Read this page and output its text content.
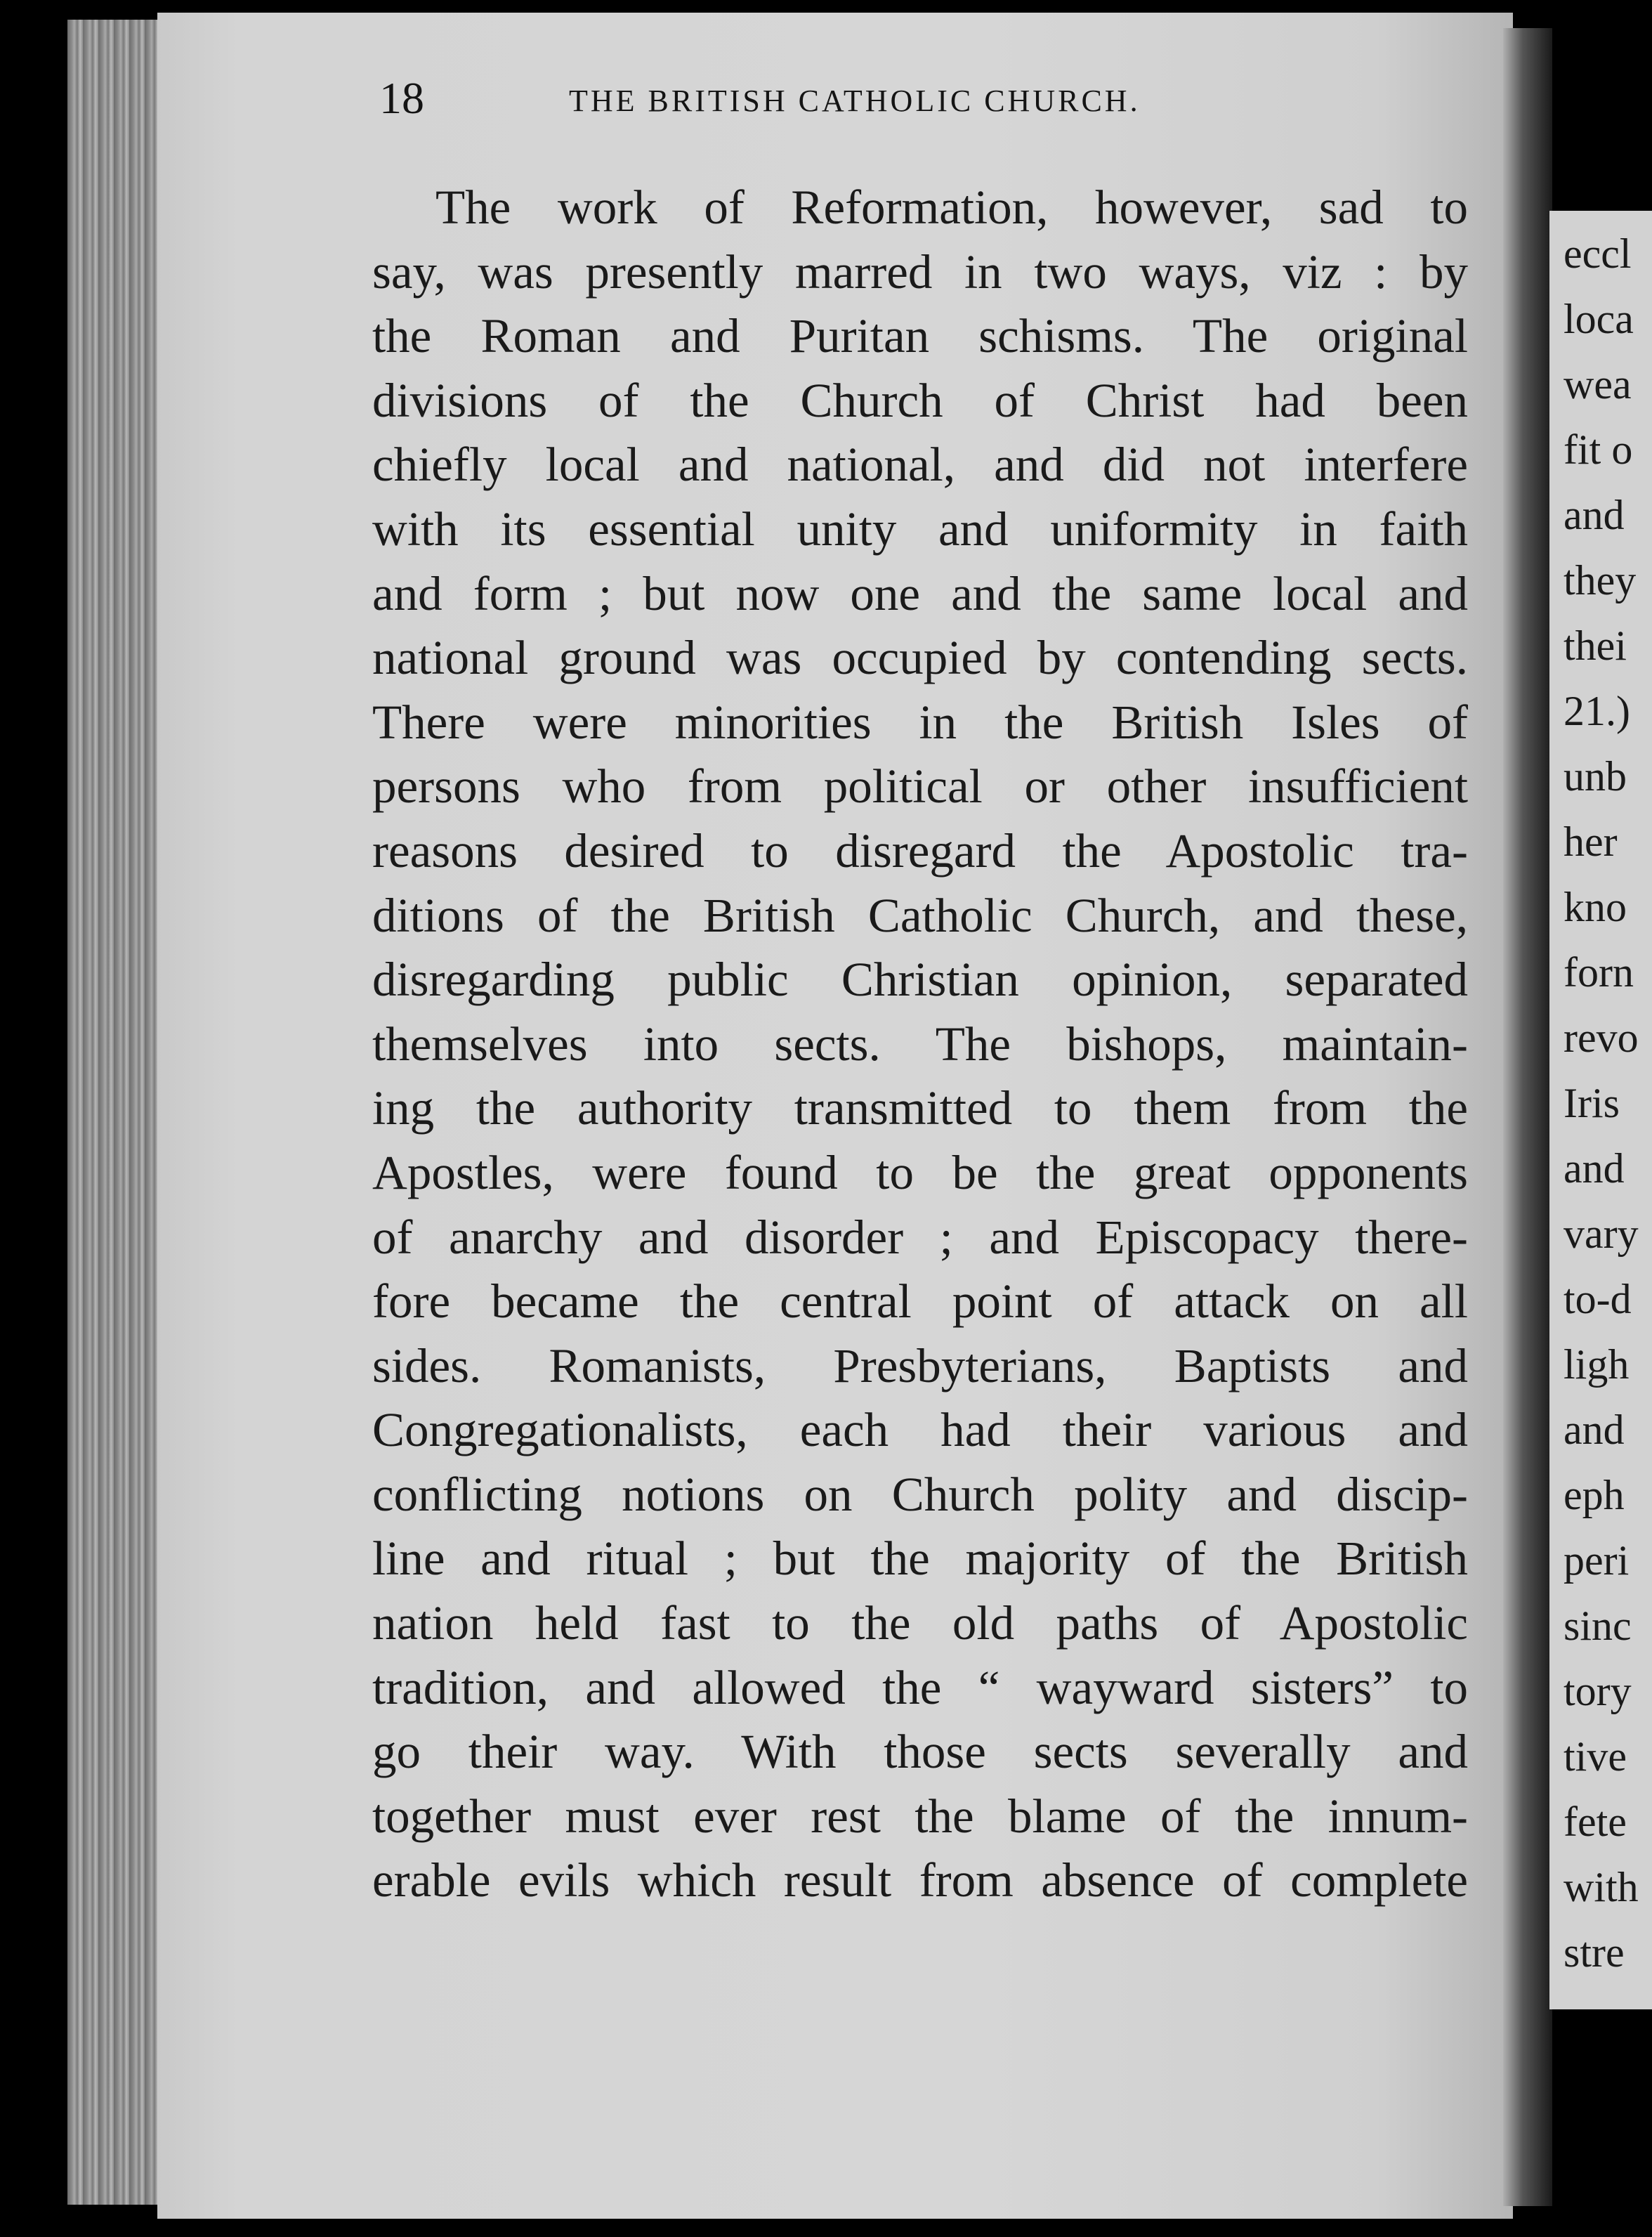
18	THE BRITISH CATHOLIC CHURCH.
The work of Reformation, however, sad to
say, was presently marred in two ways, viz : by
the Roman and Puritan schisms. The original
divisions of the Church of Christ had been
chiefly local and national, and did not interfere
with its essential unity and uniformity in faith
and form ; but now one and the same local and
national ground was occupied by contending sects.
There were minorities in the British Isles of
persons who from political or other insufficient
reasons desired to disregard the Apostolic tra-
ditions of the British Catholic Church, and these,
disregarding public Christian opinion, separated
themselves into sects. The bishops, maintain-
ing the authority transmitted to them from the
Apostles, were found to be the great opponents
of anarchy and disorder ; and Episcopacy there-
fore became the central point of attack on all
sides. Romanists, Presbyterians, Baptists and
Congregationalists, each had their various and
conflicting notions on Church polity and discip-
line and ritual ; but the majority of the British
nation held fast to the old paths of Apostolic
tradition, and allowed the “ wayward sisters” to
go their way. With those sects severally and
together must ever rest the blame of the innum-
erable evils which result from absence of complete
eccl
loca
wea
fit o
and
they
thei
21.)
unb
her
kno
forn
revo
Iris
and
vary
to-d
ligh
and
eph
peri
sinc
tory
tive
fete
with
stre
